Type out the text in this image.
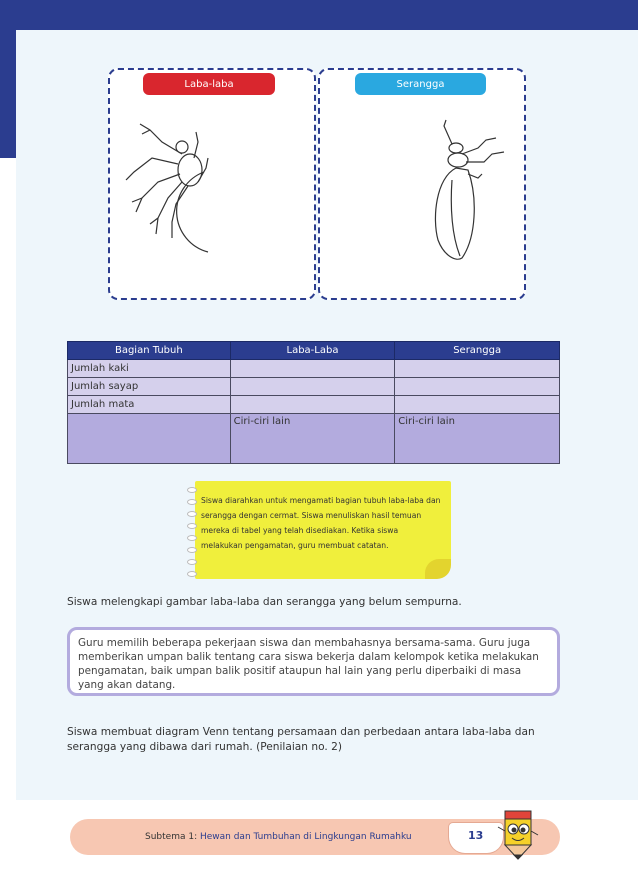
Laba-laba	Serangga
Bagian Tubuh	Laba-Laba	Serangga
Jumlah kaki		
Jumlah sayap		
Jumlah mata		
	Ciri-ciri lain	Ciri-ciri lain
Siswa diarahkan untuk mengamati bagian tubuh laba-laba dan serangga dengan cermat. Siswa menuliskan hasil temuan mereka di tabel yang telah disediakan. Ketika siswa melakukan pengamatan, guru membuat catatan.
Siswa melengkapi gambar laba-laba dan serangga yang belum sempurna.
Guru memilih beberapa pekerjaan siswa dan membahasnya bersama-sama. Guru juga memberikan umpan balik tentang cara siswa bekerja dalam kelompok ketika melakukan pengamatan, baik umpan balik positif ataupun hal lain yang perlu diperbaiki di masa yang akan datang.
Siswa membuat diagram Venn tentang persamaan dan perbedaan antara laba-laba dan serangga yang dibawa dari rumah. (Penilaian no. 2)
Subtema 1: Hewan dan Tumbuhan di Lingkungan Rumahku	13
